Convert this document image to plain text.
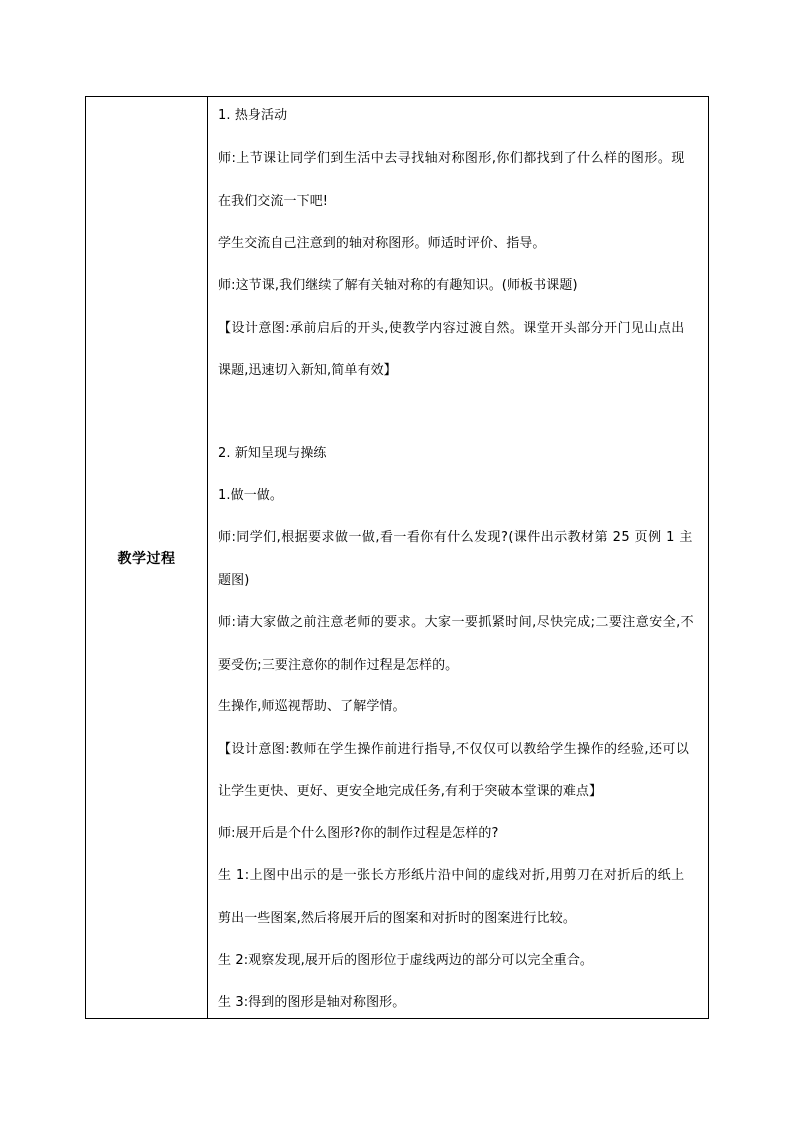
教学过程	
1. 热身活动
师:上节课让同学们到生活中去寻找轴对称图形,你们都找到了什么样的图形。现
在我们交流一下吧!
学生交流自己注意到的轴对称图形。师适时评价、指导。
师:这节课,我们继续了解有关轴对称的有趣知识。(师板书课题)
【设计意图:承前启后的开头,使教学内容过渡自然。课堂开头部分开门见山点出
课题,迅速切入新知,简单有效】
2. 新知呈现与操练
1.做一做。
师:同学们,根据要求做一做,看一看你有什么发现?(课件出示教材第 25 页例 1 主
题图)
师:请大家做之前注意老师的要求。大家一要抓紧时间,尽快完成;二要注意安全,不
要受伤;三要注意你的制作过程是怎样的。
生操作,师巡视帮助、了解学情。
【设计意图:教师在学生操作前进行指导,不仅仅可以教给学生操作的经验,还可以
让学生更快、更好、更安全地完成任务,有利于突破本堂课的难点】
师:展开后是个什么图形?你的制作过程是怎样的?
生 1:上图中出示的是一张长方形纸片沿中间的虚线对折,用剪刀在对折后的纸上
剪出一些图案,然后将展开后的图案和对折时的图案进行比较。
生 2:观察发现,展开后的图形位于虚线两边的部分可以完全重合。
生 3:得到的图形是轴对称图形。
